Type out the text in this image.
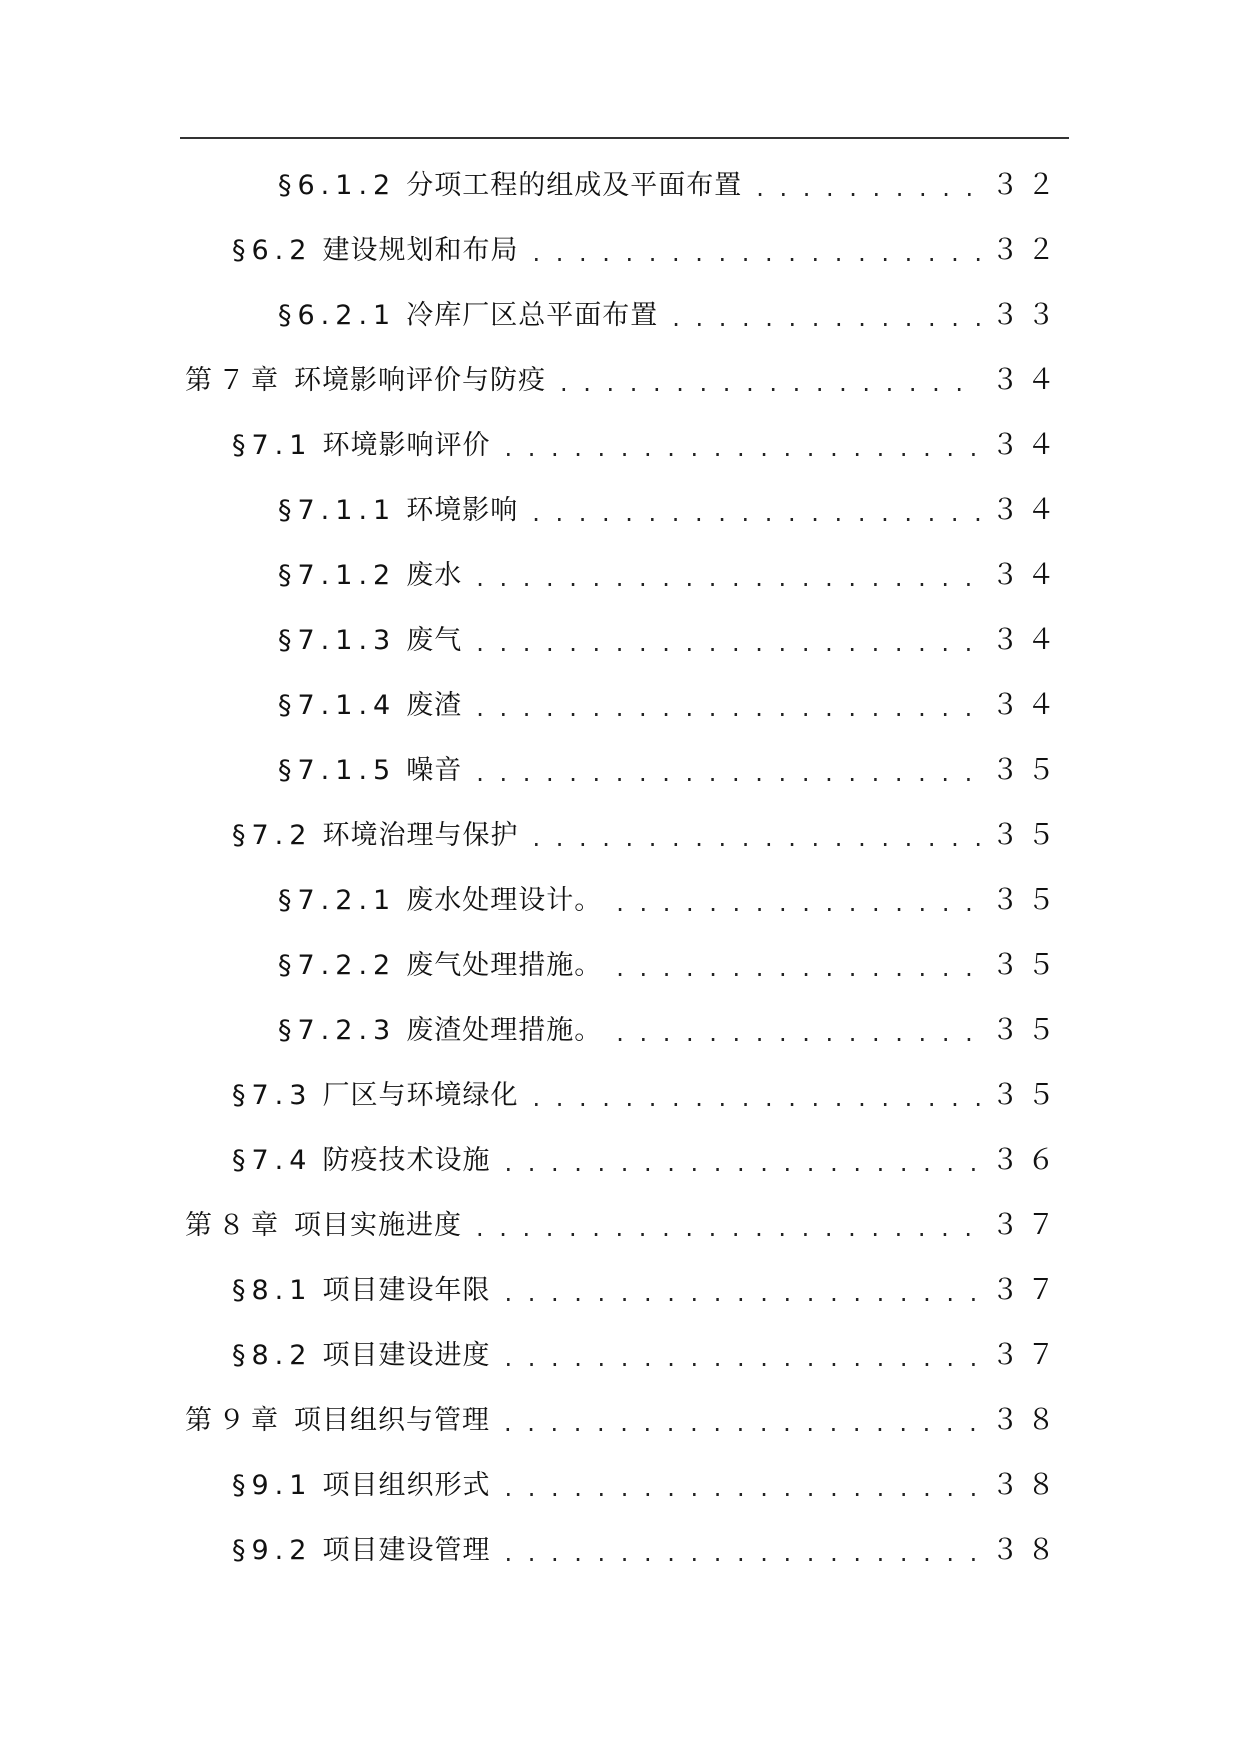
§6.1.2 分项工程的组成及平面布置 . . .	３２
§6.2 建设规划和布局 . . .	３２
§6.2.1 冷库厂区总平面布置 . . .	３３
第７章 环境影响评价与防疫 . . .	３４
§7.1 环境影响评价 . . .	３４
§7.1.1 环境影响 . . .	３４
§7.1.2 废水 . . .	３４
§7.1.3 废气 . . .	３４
§7.1.4 废渣 . . .	３４
§7.1.5 噪音 . . .	３５
§7.2 环境治理与保护 . . .	３５
§7.2.1 废水处理设计。 . . .	３５
§7.2.2 废气处理措施。 . . .	３５
§7.2.3 废渣处理措施。 . . .	３５
§7.3 厂区与环境绿化 . . .	３５
§7.4 防疫技术设施 . . .	３６
第８章 项目实施进度 . . .	３７
§8.1 项目建设年限 . . .	３７
§8.2 项目建设进度 . . .	３７
第９章 项目组织与管理 . . .	３８
§9.1 项目组织形式 . . .	３８
§9.2 项目建设管理 . . .	３８
